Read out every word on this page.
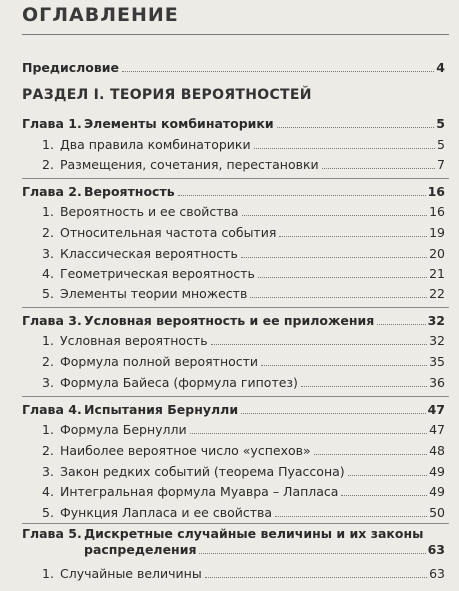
ОГЛАВЛЕНИЕ
Предисловие	4
РАЗДЕЛ I. ТЕОРИЯ ВЕРОЯТНОСТЕЙ
Глава 1. Элементы комбинаторики	5
1. Два правила комбинаторики	5
2. Размещения, сочетания, перестановки	7
Глава 2. Вероятность	16
1. Вероятность и ее свойства	16
2. Относительная частота события	19
3. Классическая вероятность	20
4. Геометрическая вероятность	21
5. Элементы теории множеств	22
Глава 3. Условная вероятность и ее приложения	32
1. Условная вероятность	32
2. Формула полной вероятности	35
3. Формула Байеса (формула гипотез)	36
Глава 4. Испытания Бернулли	47
1. Формула Бернулли	47
2. Наиболее вероятное число «успехов»	48
3. Закон редких событий (теорема Пуассона)	49
4. Интегральная формула Муавра – Лапласа	49
5. Функция Лапласа и ее свойства	50
Глава 5. Дискретные случайные величины и их законы
распределения	63
1. Случайные величины	63
